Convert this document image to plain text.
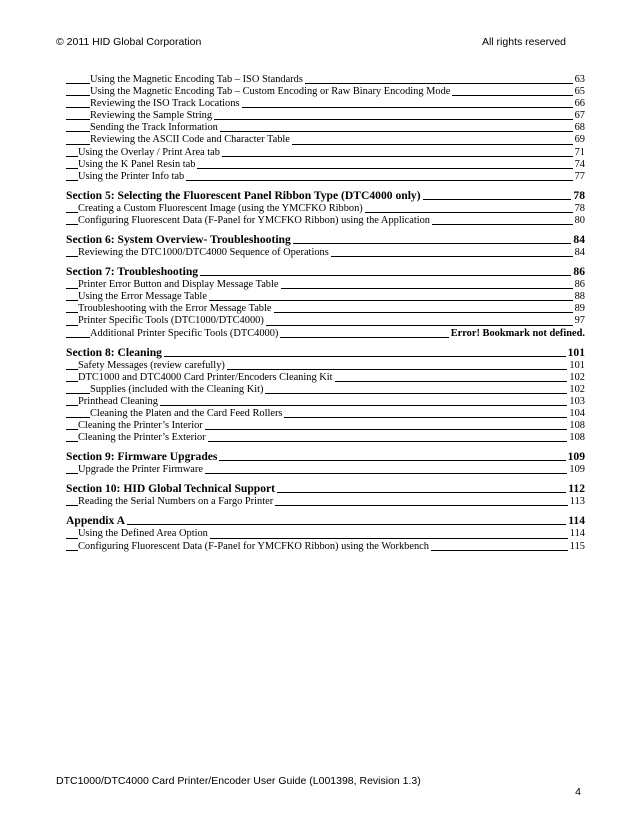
© 2011 HID Global Corporation	All rights reserved
Using the Magnetic Encoding Tab – ISO Standards	63
Using the Magnetic Encoding Tab – Custom Encoding or Raw Binary Encoding Mode	65
Reviewing the ISO Track Locations	66
Reviewing the Sample String	67
Sending the Track Information	68
Reviewing the ASCII Code and Character Table	69
Using the Overlay / Print Area tab	71
Using the K Panel Resin tab	74
Using the Printer Info tab	77
Section 5: Selecting the Fluorescent Panel Ribbon Type (DTC4000 only)	78
Creating a Custom Fluorescent Image (using the YMCFKO Ribbon)	78
Configuring Fluorescent Data (F-Panel for YMCFKO Ribbon) using the Application	80
Section 6: System Overview- Troubleshooting	84
Reviewing the DTC1000/DTC4000 Sequence of Operations	84
Section 7: Troubleshooting	86
Printer Error Button and Display Message Table	86
Using the Error Message Table	88
Troubleshooting with the Error Message Table	89
Printer Specific Tools (DTC1000/DTC4000)	97
Additional Printer Specific Tools (DTC4000)	Error! Bookmark not defined.
Section 8: Cleaning	101
Safety Messages (review carefully)	101
DTC1000 and DTC4000 Card Printer/Encoders Cleaning Kit	102
Supplies (included with the Cleaning Kit)	102
Printhead Cleaning	103
Cleaning the Platen and the Card Feed Rollers	104
Cleaning the Printer’s Interior	108
Cleaning the Printer’s Exterior	108
Section 9: Firmware Upgrades	109
Upgrade the Printer Firmware	109
Section 10: HID Global Technical Support	112
Reading the Serial Numbers on a Fargo Printer	113
Appendix A	114
Using the Defined Area Option	114
Configuring Fluorescent Data (F-Panel for YMCFKO Ribbon) using the Workbench	115
DTC1000/DTC4000 Card Printer/Encoder User Guide (L001398, Revision 1.3)
4
